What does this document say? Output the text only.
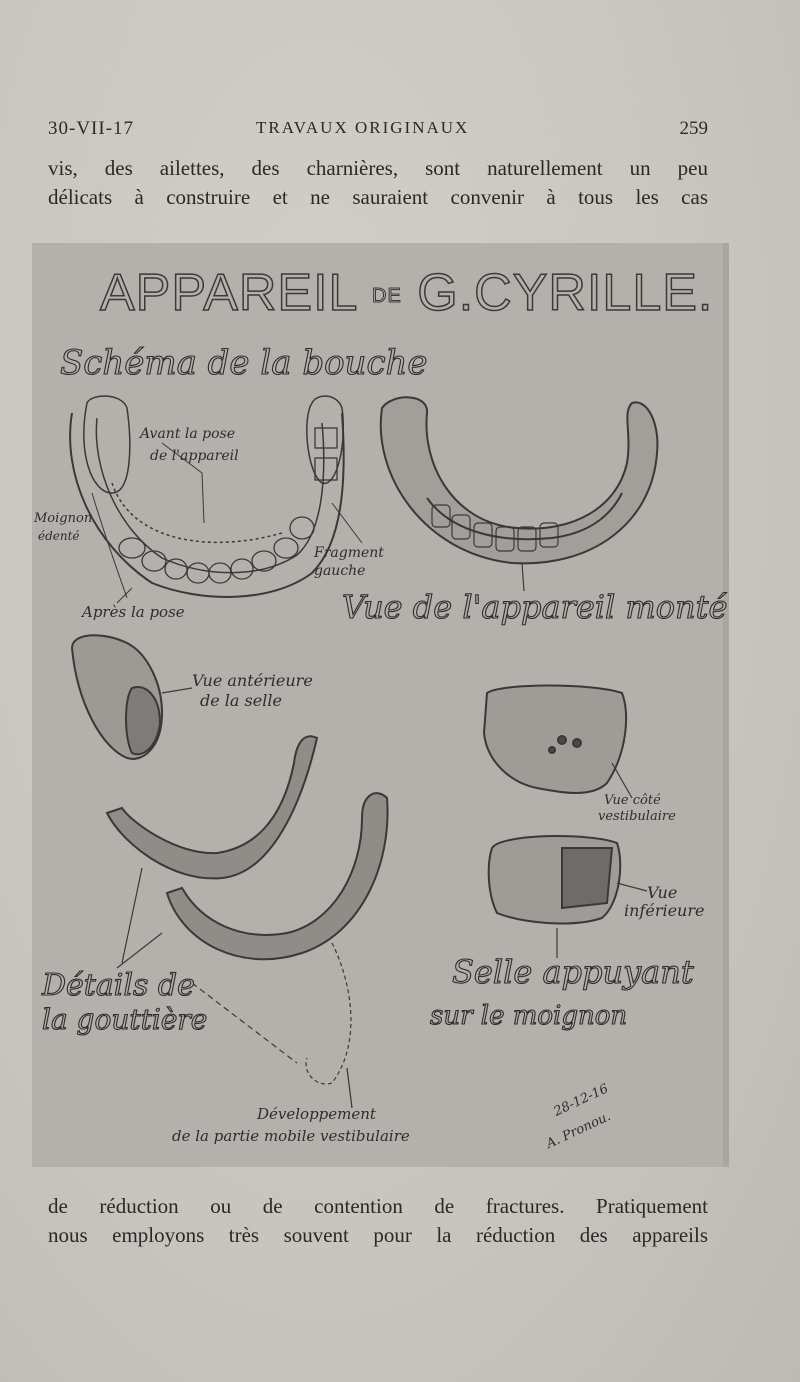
30-VII-17	TRAVAUX ORIGINAUX	259
vis, des ailettes, des charnières, sont naturellement un peu
délicats à construire et ne sauraient convenir à tous les cas
APPAREIL DE G.CYRILLE.
Schéma de la bouche
Avant la pose
de l'appareil
Moignon
édenté
Fragment
gauche
Après la pose	Vue de l'appareil monté
Vue antérieure
de la selle
Vue côté
vestibulaire
Vue
inférieure
Détails de
la gouttière
Selle appuyant
sur le moignon
Développement
de la partie mobile vestibulaire
28-12-16
A. Pronou.
de réduction ou de contention de fractures. Pratiquement
nous employons très souvent pour la réduction des appareils
